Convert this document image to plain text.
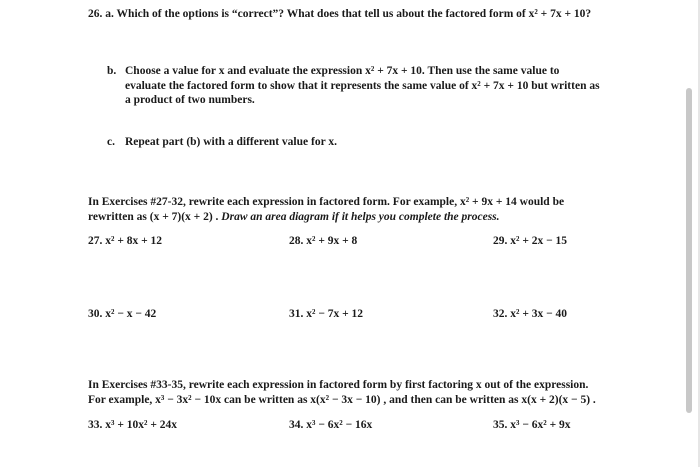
26. a. Which of the options is “correct”? What does that tell us about the factored form of x² + 7x + 10?
b. Choose a value for x and evaluate the expression x² + 7x + 10. Then use the same value to
evaluate the factored form to show that it represents the same value of x² + 7x + 10 but written as
a product of two numbers.
c. Repeat part (b) with a different value for x.
In Exercises #27-32, rewrite each expression in factored form. For example, x² + 9x + 14 would be
rewritten as (x + 7)(x + 2) . Draw an area diagram if it helps you complete the process.
27. x² + 8x + 12	28. x² + 9x + 8	29. x² + 2x − 15
30. x² − x − 42	31. x² − 7x + 12	32. x² + 3x − 40
In Exercises #33-35, rewrite each expression in factored form by first factoring x out of the expression.
For example, x³ − 3x² − 10x can be written as x(x² − 3x − 10) , and then can be written as x(x + 2)(x − 5) .
33. x³ + 10x² + 24x	34. x³ − 6x² − 16x	35. x³ − 6x² + 9x
